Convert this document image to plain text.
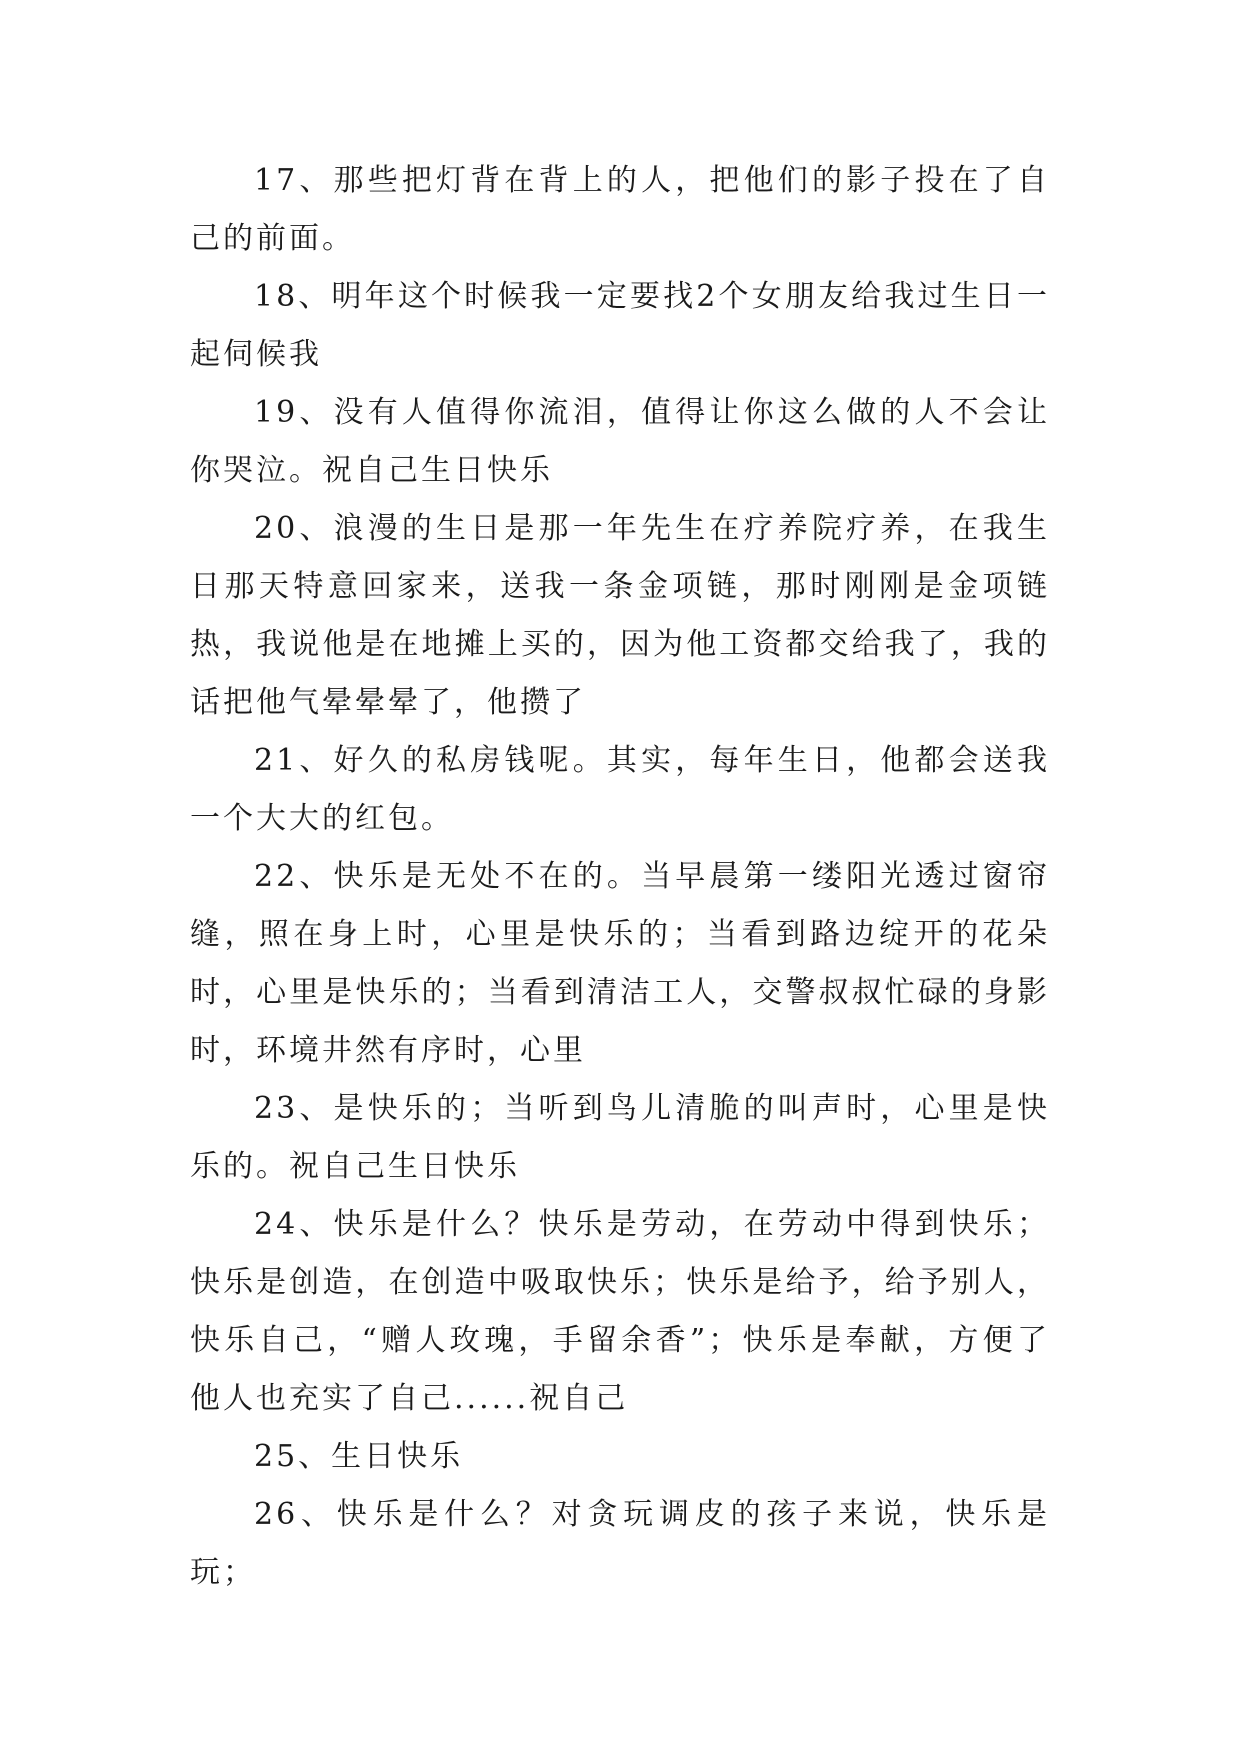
17、那些把灯背在背上的人，把他们的影子投在了自己的前面。

18、明年这个时候我一定要找2个女朋友给我过生日一起伺候我

19、没有人值得你流泪，值得让你这么做的人不会让你哭泣。祝自己生日快乐

20、浪漫的生日是那一年先生在疗养院疗养，在我生日那天特意回家来，送我一条金项链，那时刚刚是金项链热，我说他是在地摊上买的，因为他工资都交给我了，我的话把他气晕晕晕了，他攒了

21、好久的私房钱呢。其实，每年生日，他都会送我一个大大的红包。

22、快乐是无处不在的。当早晨第一缕阳光透过窗帘缝，照在身上时，心里是快乐的；当看到路边绽开的花朵时，心里是快乐的；当看到清洁工人，交警叔叔忙碌的身影时，环境井然有序时，心里

23、是快乐的；当听到鸟儿清脆的叫声时，心里是快乐的。祝自己生日快乐

24、快乐是什么？快乐是劳动，在劳动中得到快乐；快乐是创造，在创造中吸取快乐；快乐是给予，给予别人，快乐自己，“赠人玫瑰，手留余香”；快乐是奉献，方便了他人也充实了自己......祝自己

25、生日快乐

26、快乐是什么？对贪玩调皮的孩子来说，快乐是玩；
